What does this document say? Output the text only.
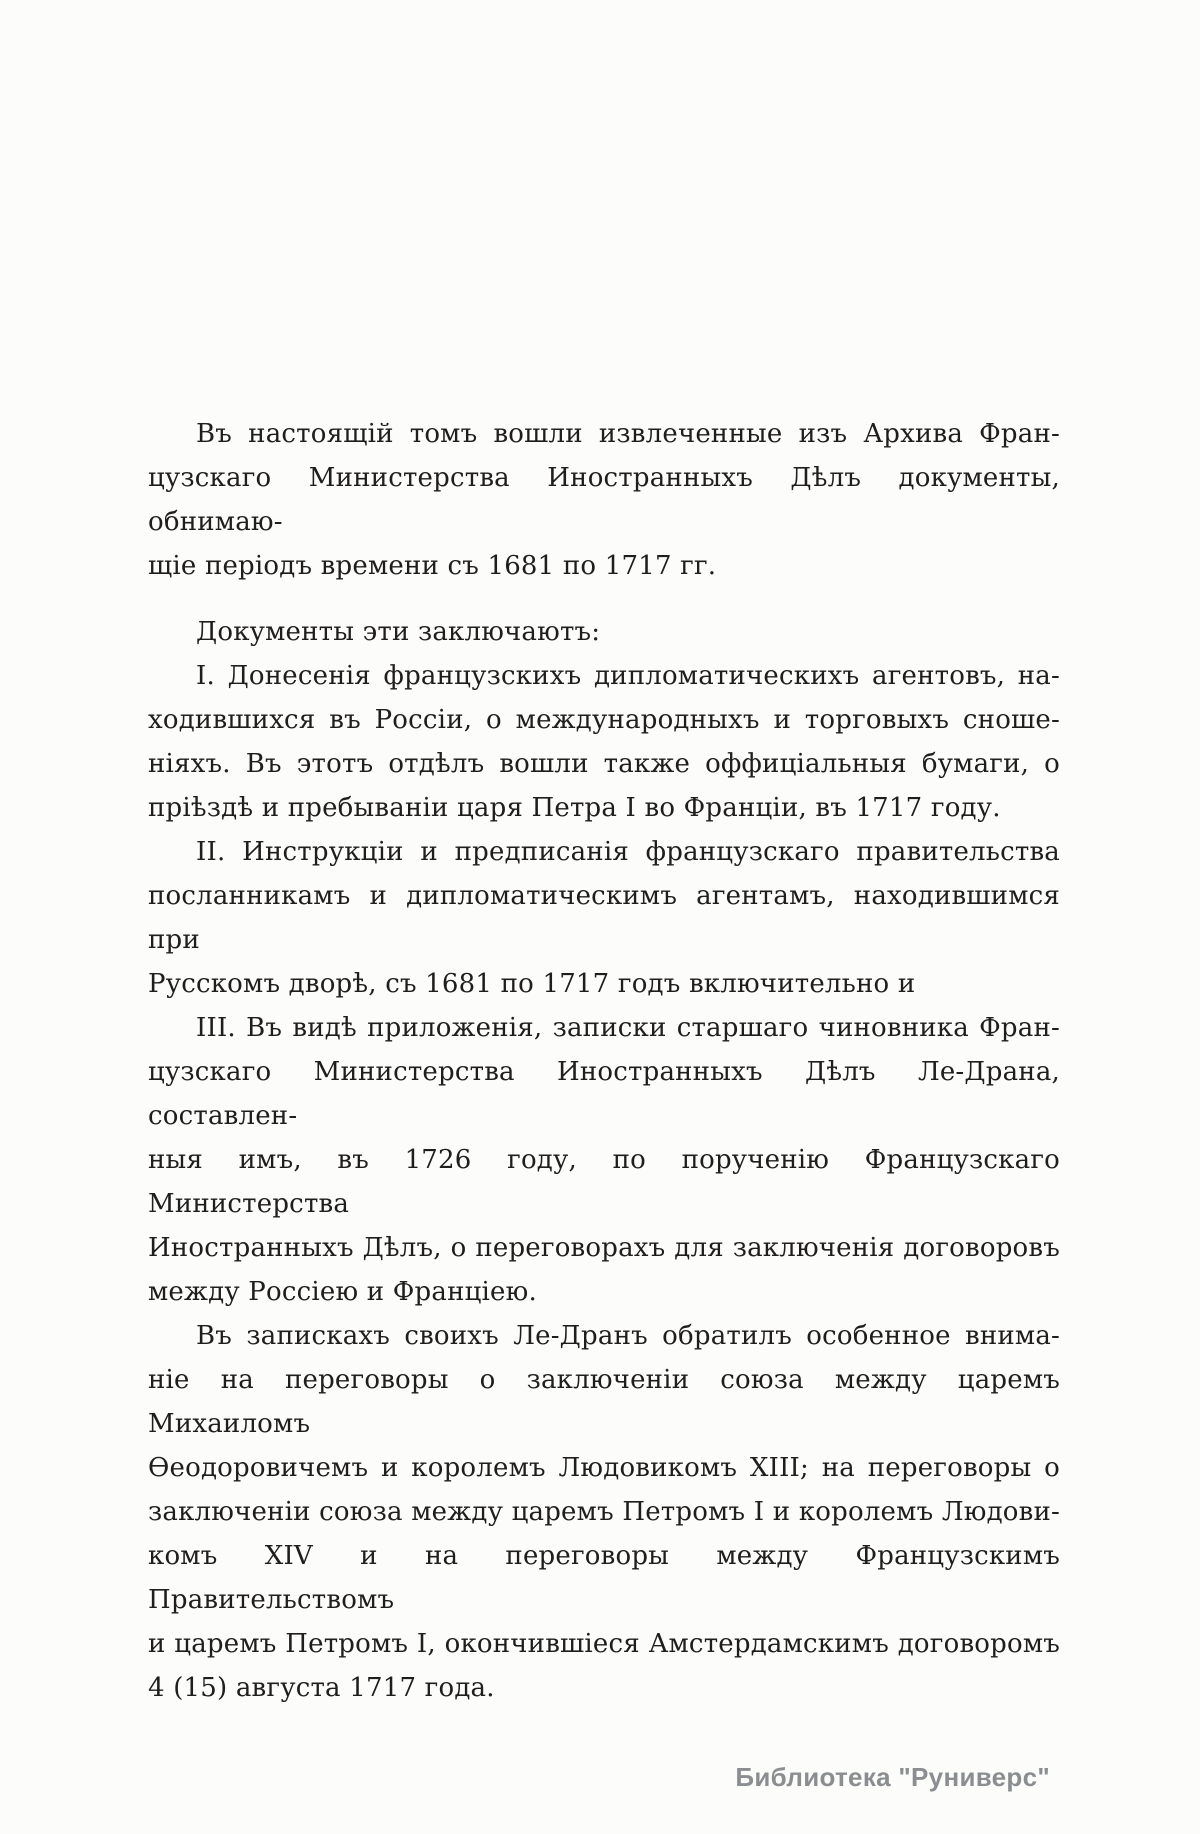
Въ настоящій томъ вошли извлеченные изъ Архива Фран-
цузскаго Министерства Иностранныхъ Дѣлъ документы, обнимаю-
щіе періодъ времени съ 1681 по 1717 гг.
Документы эти заключаютъ:
I. Донесенія французскихъ дипломатическихъ агентовъ, на-
ходившихся въ Россіи, о международныхъ и торговыхъ сноше-
ніяхъ. Въ этотъ отдѣлъ вошли также оффиціальныя бумаги, о
пріѣздѣ и пребываніи царя Петра I во Франціи, въ 1717 году.
II. Инструкціи и предписанія французскаго правительства
посланникамъ и дипломатическимъ агентамъ, находившимся при
Русскомъ дворѣ, съ 1681 по 1717 годъ включительно и
III. Въ видѣ приложенія, записки старшаго чиновника Фран-
цузскаго Министерства Иностранныхъ Дѣлъ Ле-Драна, составлен-
ныя имъ, въ 1726 году, по порученію Французскаго Министерства
Иностранныхъ Дѣлъ, о переговорахъ для заключенія договоровъ
между Россіею и Франціею.
Въ запискахъ своихъ Ле-Дранъ обратилъ особенное внима-
ніе на переговоры о заключеніи союза между царемъ Михаиломъ
Ѳеодоровичемъ и королемъ Людовикомъ XIII; на переговоры о
заключеніи союза между царемъ Петромъ I и королемъ Людови-
комъ XIV и на переговоры между Французскимъ Правительствомъ
и царемъ Петромъ I, окончившіеся Амстердамскимъ договоромъ
4 (15) августа 1717 года.
Библиотека "Руниверс"
